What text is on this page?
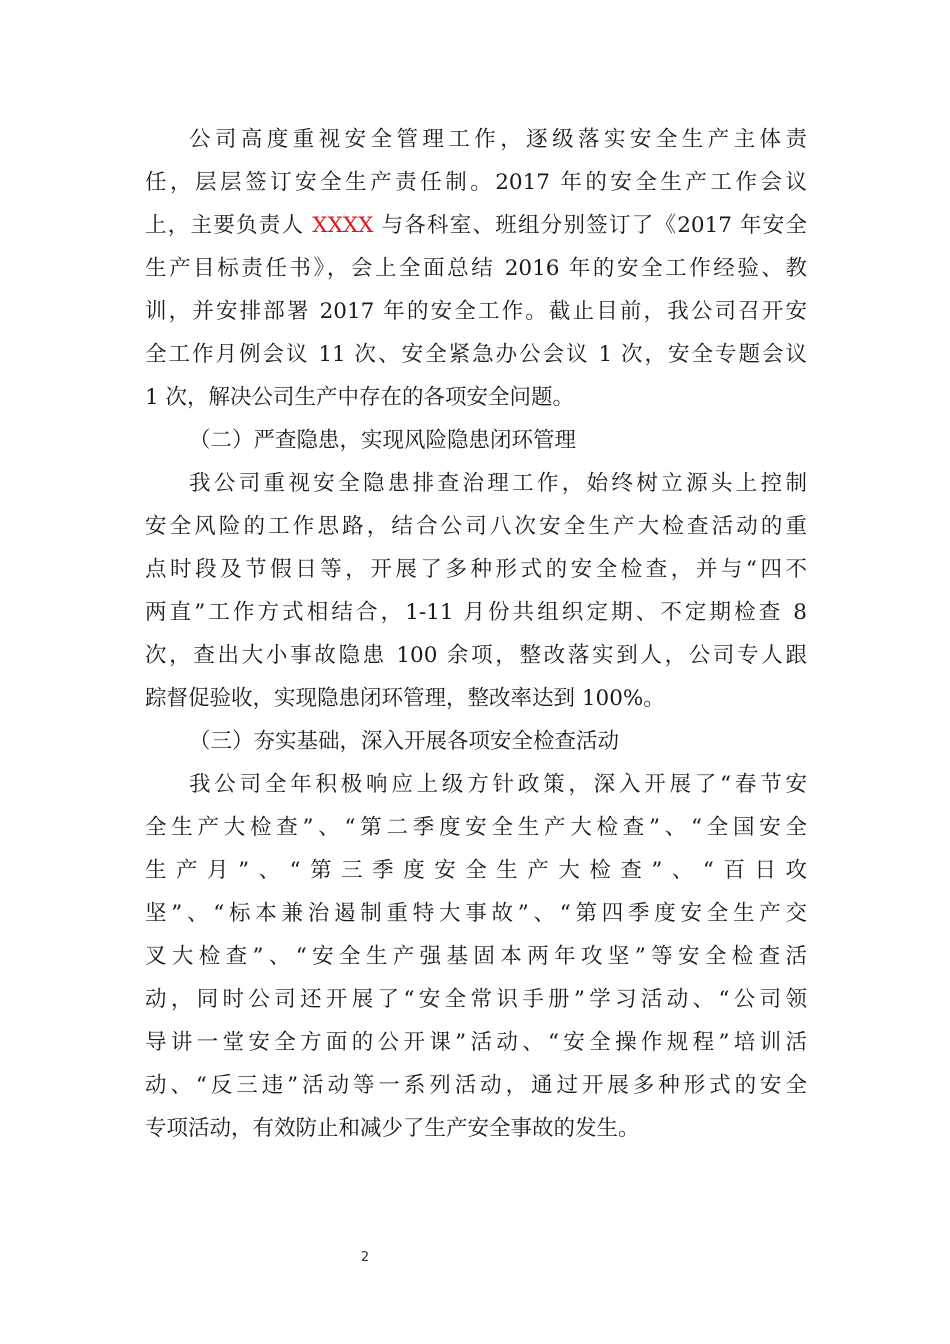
公司高度重视安全管理工作，逐级落实安全生产主体责
任，层层签订安全生产责任制。2017 年的安全生产工作会议
上，主要负责人 XXXX 与各科室、班组分别签订了《2017 年安全
生产目标责任书》，会上全面总结 2016 年的安全工作经验、教
训，并安排部署 2017 年的安全工作。截止目前，我公司召开安
全工作月例会议 11 次、安全紧急办公会议 1 次，安全专题会议
1 次，解决公司生产中存在的各项安全问题。
（二）严查隐患，实现风险隐患闭环管理
我公司重视安全隐患排查治理工作，始终树立源头上控制
安全风险的工作思路，结合公司八次安全生产大检查活动的重
点时段及节假日等，开展了多种形式的安全检查，并与“四不
两直”工作方式相结合，1-11 月份共组织定期、不定期检查 8
次，查出大小事故隐患 100 余项，整改落实到人，公司专人跟
踪督促验收，实现隐患闭环管理，整改率达到 100%。
（三）夯实基础，深入开展各项安全检查活动
我公司全年积极响应上级方针政策，深入开展了“春节安
全生产大检查”、“第二季度安全生产大检查”、“全国安全
生产月”、“第三季度安全生产大检查”、“百日攻
坚”、“标本兼治遏制重特大事故”、“第四季度安全生产交
叉大检查”、“安全生产强基固本两年攻坚”等安全检查活
动，同时公司还开展了“安全常识手册”学习活动、“公司领
导讲一堂安全方面的公开课”活动、“安全操作规程”培训活
动、“反三违”活动等一系列活动，通过开展多种形式的安全
专项活动，有效防止和减少了生产安全事故的发生。
2
